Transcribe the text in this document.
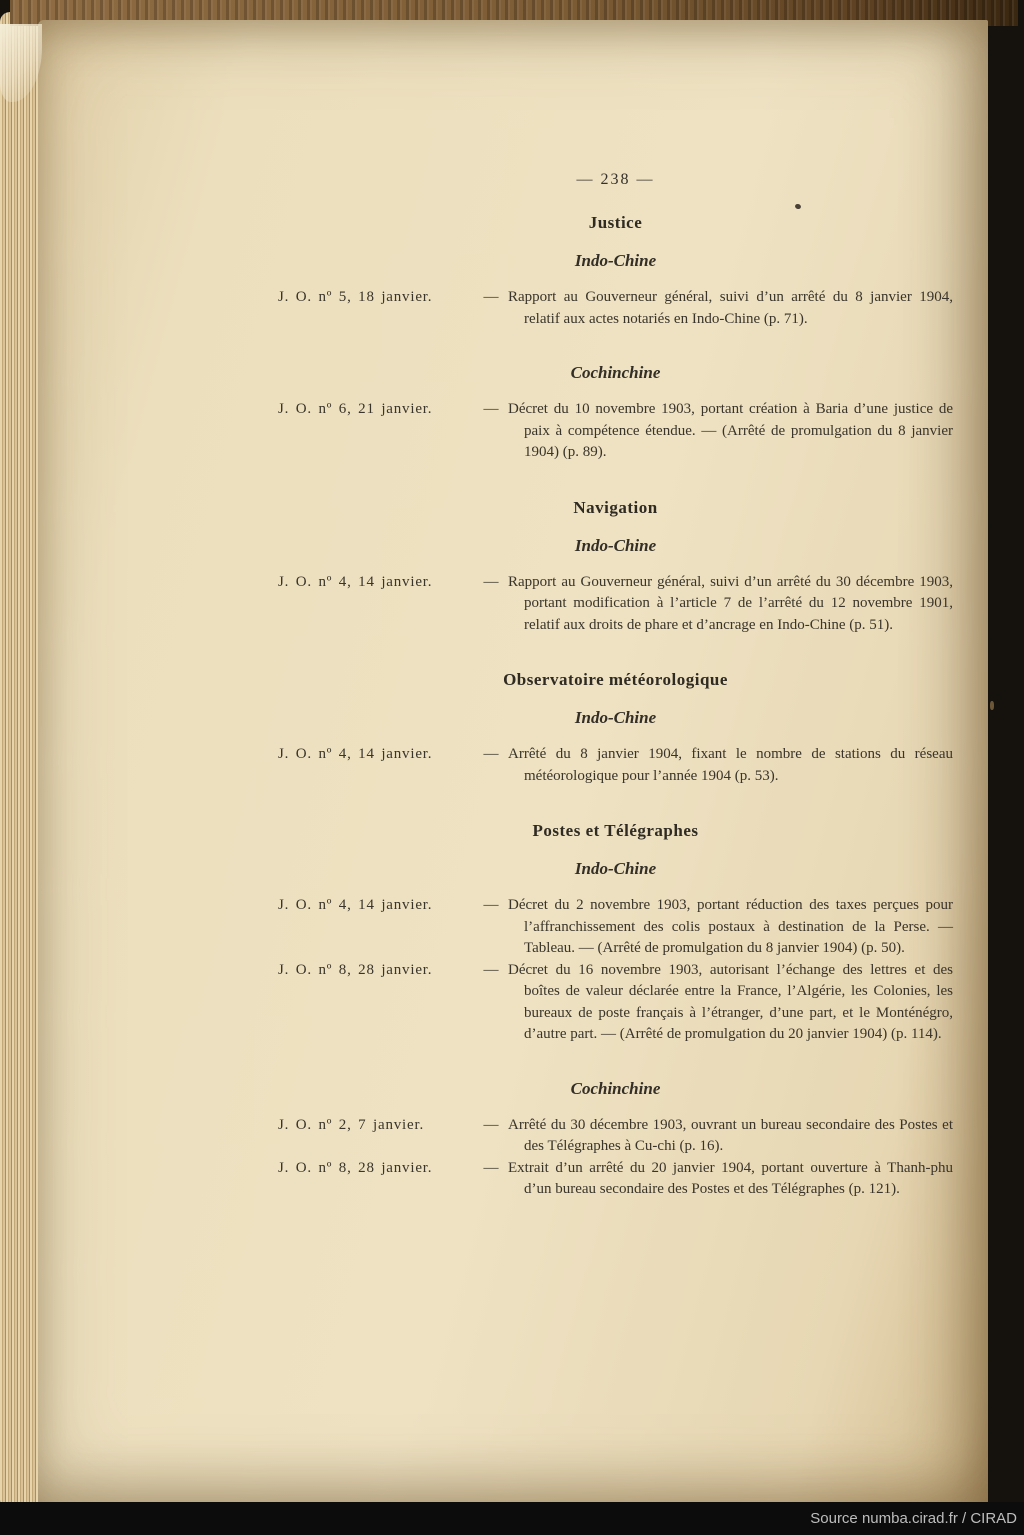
— 238 —
Justice
Indo-Chine
J. O. nº 5, 18 janvier.	— Rapport au Gouverneur général, suivi d’un arrêté du 8 janvier 1904, relatif aux actes notariés en Indo-Chine (p. 71).
Cochinchine
J. O. nº 6, 21 janvier.	— Décret du 10 novembre 1903, portant création à Baria d’une justice de paix à compétence étendue. — (Arrêté de promulgation du 8 janvier 1904) (p. 89).
Navigation
Indo-Chine
J. O. nº 4, 14 janvier.	— Rapport au Gouverneur général, suivi d’un arrêté du 30 décembre 1903, portant modification à l’article 7 de l’arrêté du 12 novembre 1901, relatif aux droits de phare et d’ancrage en Indo-Chine (p. 51).
Observatoire météorologique
Indo-Chine
J. O. nº 4, 14 janvier.	— Arrêté du 8 janvier 1904, fixant le nombre de stations du réseau météorologique pour l’année 1904 (p. 53).
Postes et Télégraphes
Indo-Chine
J. O. nº 4, 14 janvier.	— Décret du 2 novembre 1903, portant réduction des taxes perçues pour l’affranchissement des colis postaux à destination de la Perse. — Tableau. — (Arrêté de promulgation du 8 janvier 1904) (p. 50).
J. O. nº 8, 28 janvier.	— Décret du 16 novembre 1903, autorisant l’échange des lettres et des boîtes de valeur déclarée entre la France, l’Algérie, les Colonies, les bureaux de poste français à l’étranger, d’une part, et le Monténégro, d’autre part. — (Arrêté de promulgation du 20 janvier 1904) (p. 114).
Cochinchine
J. O. nº 2, 7 janvier.	— Arrêté du 30 décembre 1903, ouvrant un bureau secondaire des Postes et des Télégraphes à Cu-chi (p. 16).
J. O. nº 8, 28 janvier.	— Extrait d’un arrêté du 20 janvier 1904, portant ouverture à Thanh-phu d’un bureau secondaire des Postes et des Télégraphes (p. 121).
Source numba.cirad.fr / CIRAD
